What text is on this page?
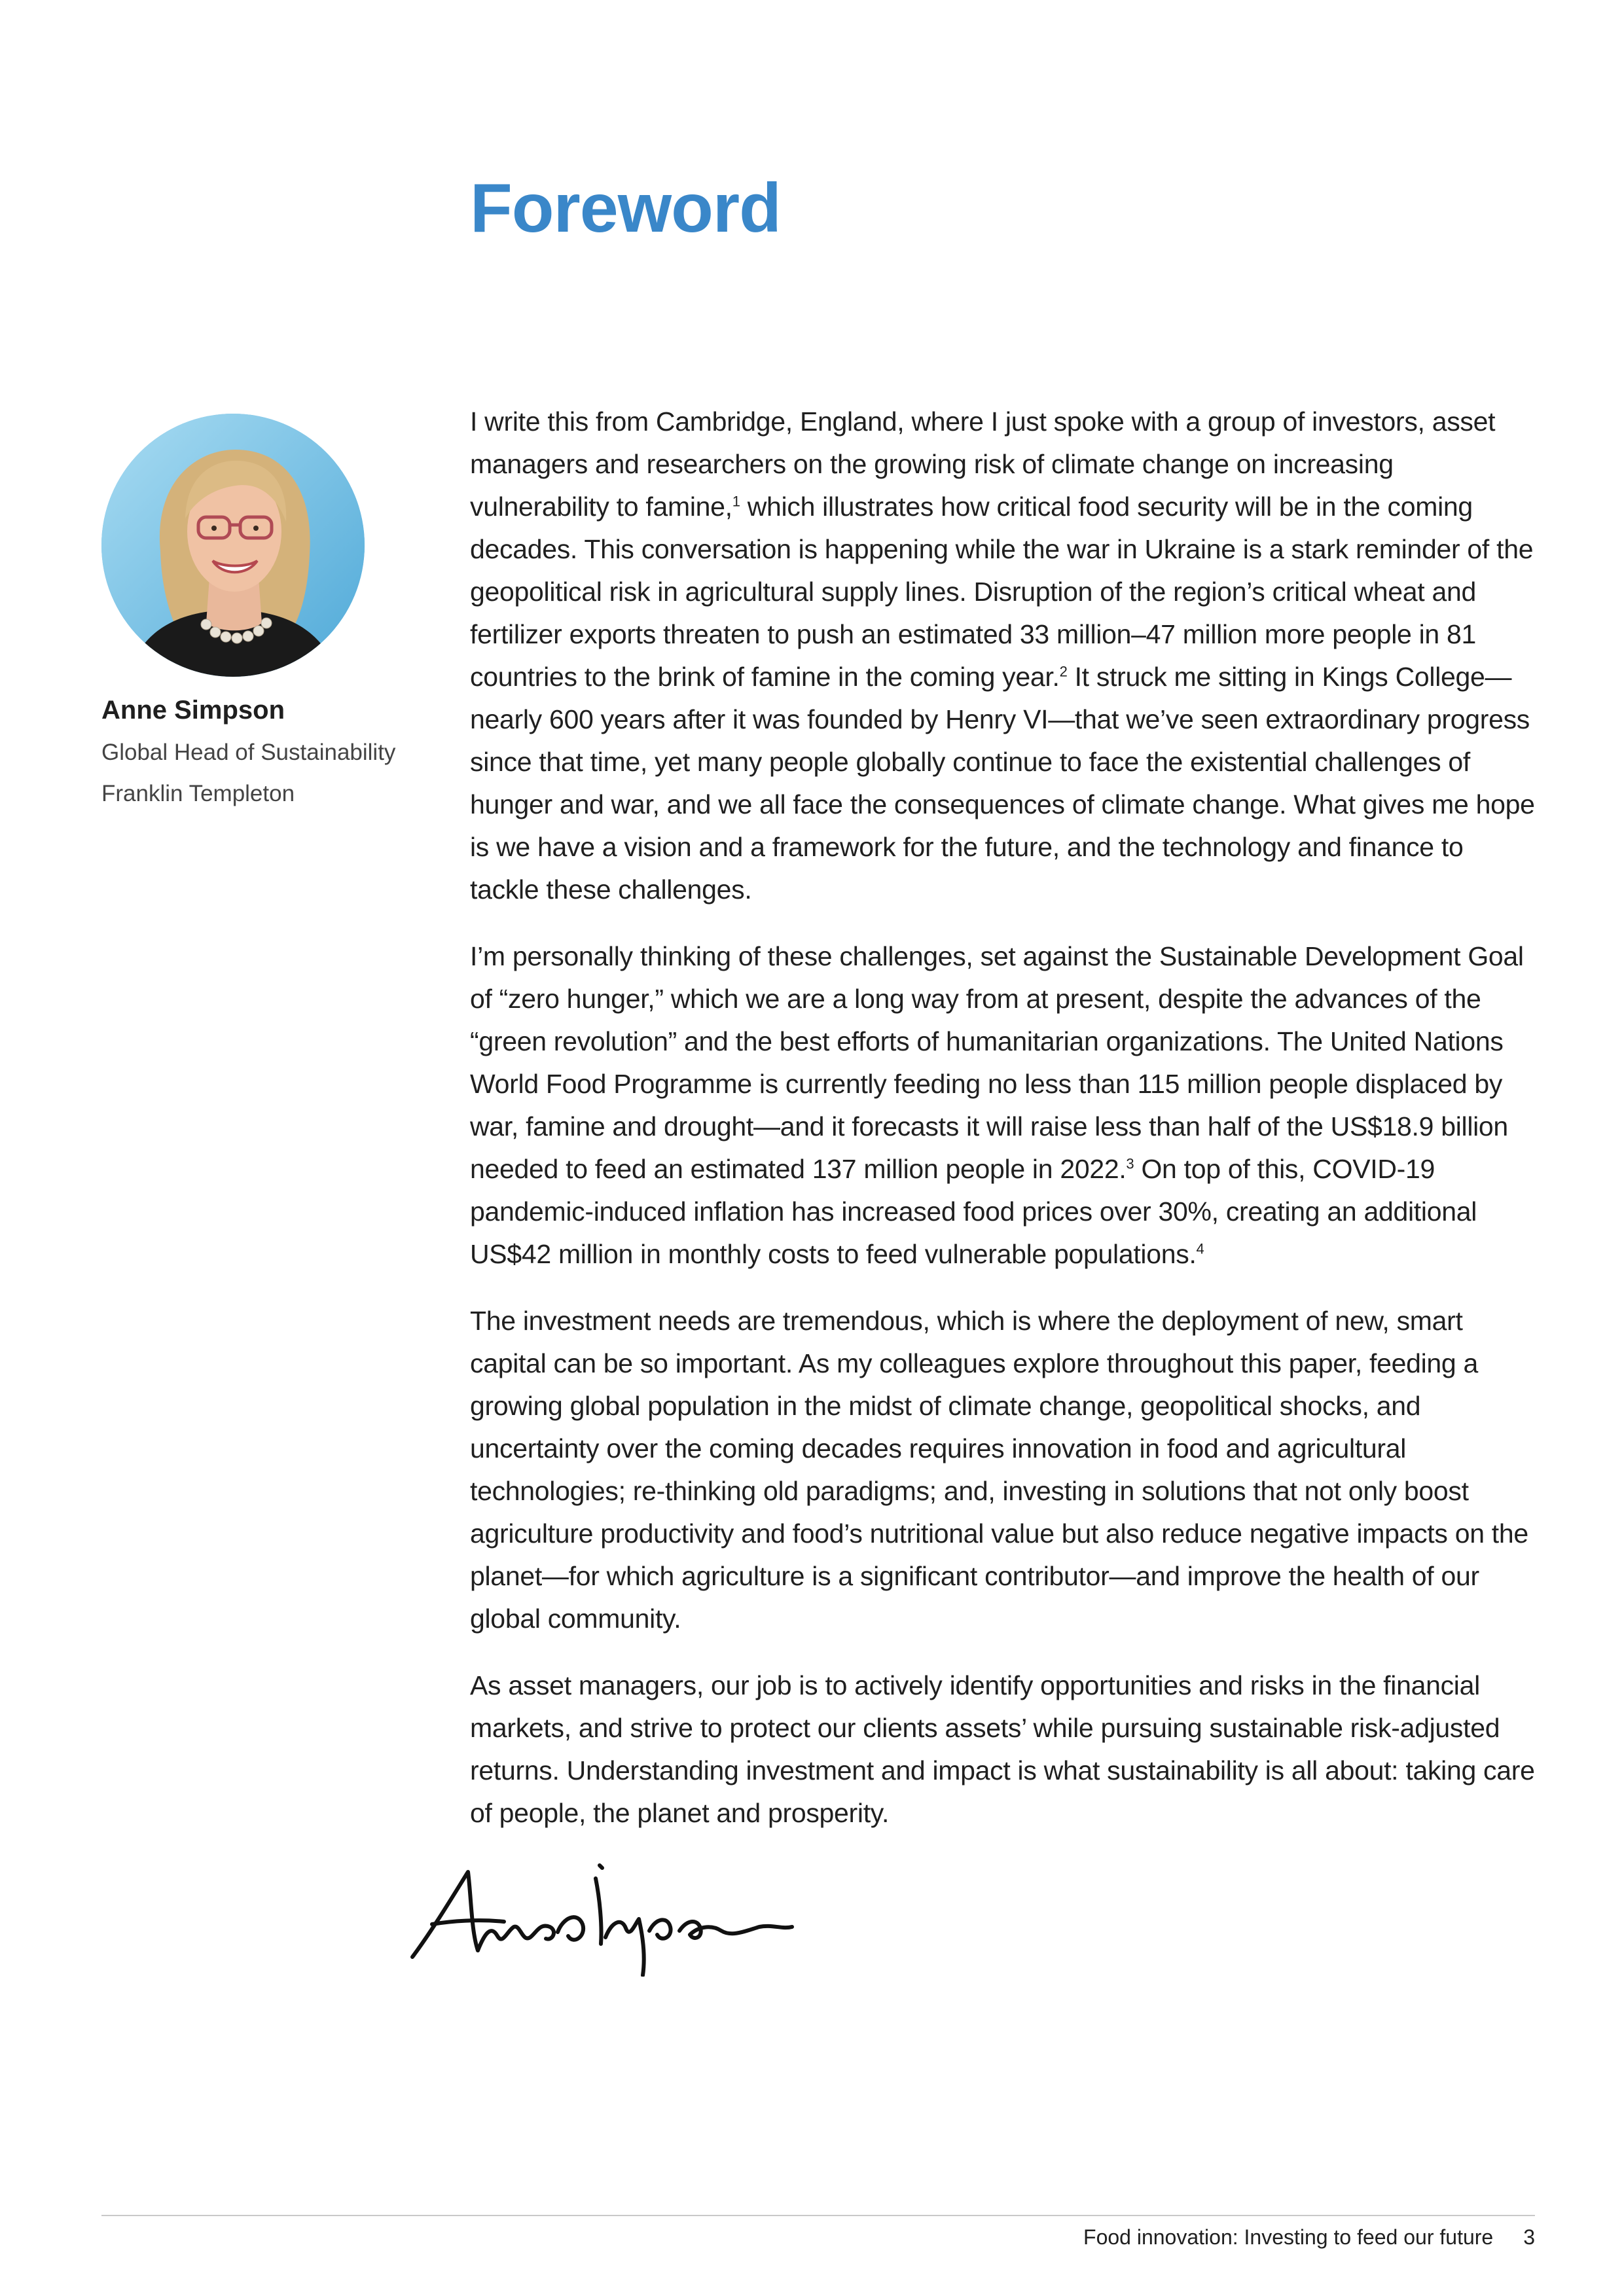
Foreword
Anne Simpson
Global Head of Sustainability
Franklin Templeton

I write this from Cambridge, England, where I just spoke with a group of investors, asset managers and researchers on the growing risk of climate change on increasing vulnerability to famine,$^1$ which illustrates how critical food security will be in the coming decades. This conversation is happening while the war in Ukraine is a stark reminder of the geopolitical risk in agricultural supply lines. Disruption of the region’s critical wheat and fertilizer exports threaten to push an estimated 33 million–47 million more people in 81 countries to the brink of famine in the coming year.$^2$ It struck me sitting in Kings College—nearly 600 years after it was founded by Henry VI—that we’ve seen extraordinary progress since that time, yet many people globally continue to face the existential challenges of hunger and war, and we all face the consequences of climate change. What gives me hope is we have a vision and a framework for the future, and the technology and finance to tackle these challenges.

I’m personally thinking of these challenges, set against the Sustainable Development Goal of “zero hunger,” which we are a long way from at present, despite the advances of the “green revolution” and the best efforts of humanitarian organizations. The United Nations World Food Programme is currently feeding no less than 115 million people displaced by war, famine and drought—and it forecasts it will raise less than half of the US$18.9 billion needed to feed an estimated 137 million people in 2022.$^3$ On top of this, COVID-19 pandemic-induced inflation has increased food prices over 30%, creating an additional US$42 million in monthly costs to feed vulnerable populations.$^4$

The investment needs are tremendous, which is where the deployment of new, smart capital can be so important. As my colleagues explore throughout this paper, feeding a growing global population in the midst of climate change, geopolitical shocks, and uncertainty over the coming decades requires innovation in food and agricultural technologies; re-thinking old paradigms; and, investing in solutions that not only boost agriculture productivity and food’s nutritional value but also reduce negative impacts on the planet—for which agriculture is a significant contributor—and improve the health of our global community.

As asset managers, our job is to actively identify opportunities and risks in the financial markets, and strive to protect our clients assets’ while pursuing sustainable risk-adjusted returns. Understanding investment and impact is what sustainability is all about: taking care of people, the planet and prosperity.

Food innovation: Investing to feed our future 3
